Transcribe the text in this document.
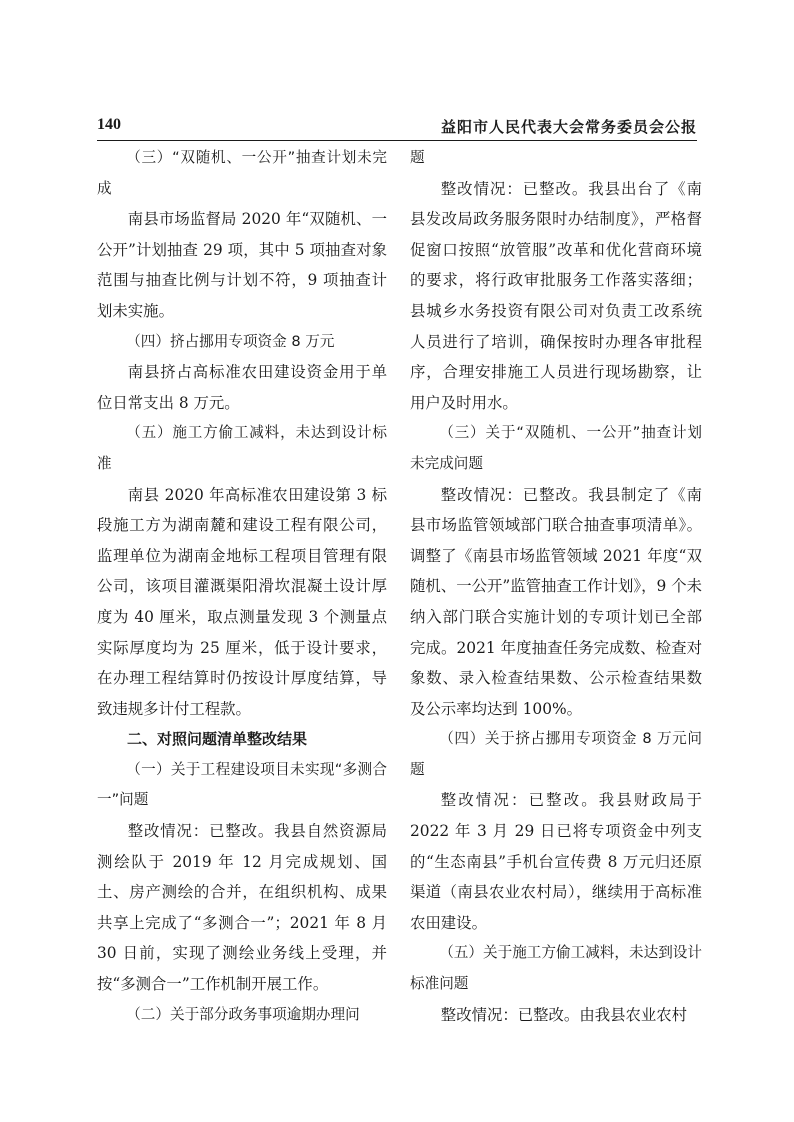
140	益阳市人民代表大会常务委员会公报

（三）“双随机、一公开”抽查计划未完成

南县市场监督局 2020 年“双随机、一公开”计划抽查 29 项，其中 5 项抽查对象范围与抽查比例与计划不符，9 项抽查计划未实施。

（四）挤占挪用专项资金 8 万元

南县挤占高标准农田建设资金用于单位日常支出 8 万元。

（五）施工方偷工减料，未达到设计标准

南县 2020 年高标准农田建设第 3 标段施工方为湖南麓和建设工程有限公司，监理单位为湖南金地标工程项目管理有限公司，该项目灌溉渠阳滑坎混凝土设计厚度为 40 厘米，取点测量发现 3 个测量点实际厚度均为 25 厘米，低于设计要求，在办理工程结算时仍按设计厚度结算，导致违规多计付工程款。

二、对照问题清单整改结果

（一）关于工程建设项目未实现“多测合一”问题

整改情况：已整改。我县自然资源局测绘队于 2019 年 12 月完成规划、国土、房产测绘的合并，在组织机构、成果共享上完成了“多测合一”；2021 年 8 月 30 日前，实现了测绘业务线上受理，并按“多测合一”工作机制开展工作。

（二）关于部分政务事项逾期办理问

题

整改情况：已整改。我县出台了《南县发改局政务服务限时办结制度》，严格督促窗口按照“放管服”改革和优化营商环境的要求，将行政审批服务工作落实落细；县城乡水务投资有限公司对负责工改系统人员进行了培训，确保按时办理各审批程序，合理安排施工人员进行现场勘察，让用户及时用水。

（三）关于“双随机、一公开”抽查计划未完成问题

整改情况：已整改。我县制定了《南县市场监管领域部门联合抽查事项清单》。调整了《南县市场监管领域 2021 年度“双随机、一公开”监管抽查工作计划》，9 个未纳入部门联合实施计划的专项计划已全部完成。2021 年度抽查任务完成数、检查对象数、录入检查结果数、公示检查结果数及公示率均达到 100%。

（四）关于挤占挪用专项资金 8 万元问题

整改情况：已整改。我县财政局于 2022 年 3 月 29 日已将专项资金中列支的“生态南县”手机台宣传费 8 万元归还原渠道（南县农业农村局），继续用于高标准农田建设。

（五）关于施工方偷工减料，未达到设计标准问题

整改情况：已整改。由我县农业农村
